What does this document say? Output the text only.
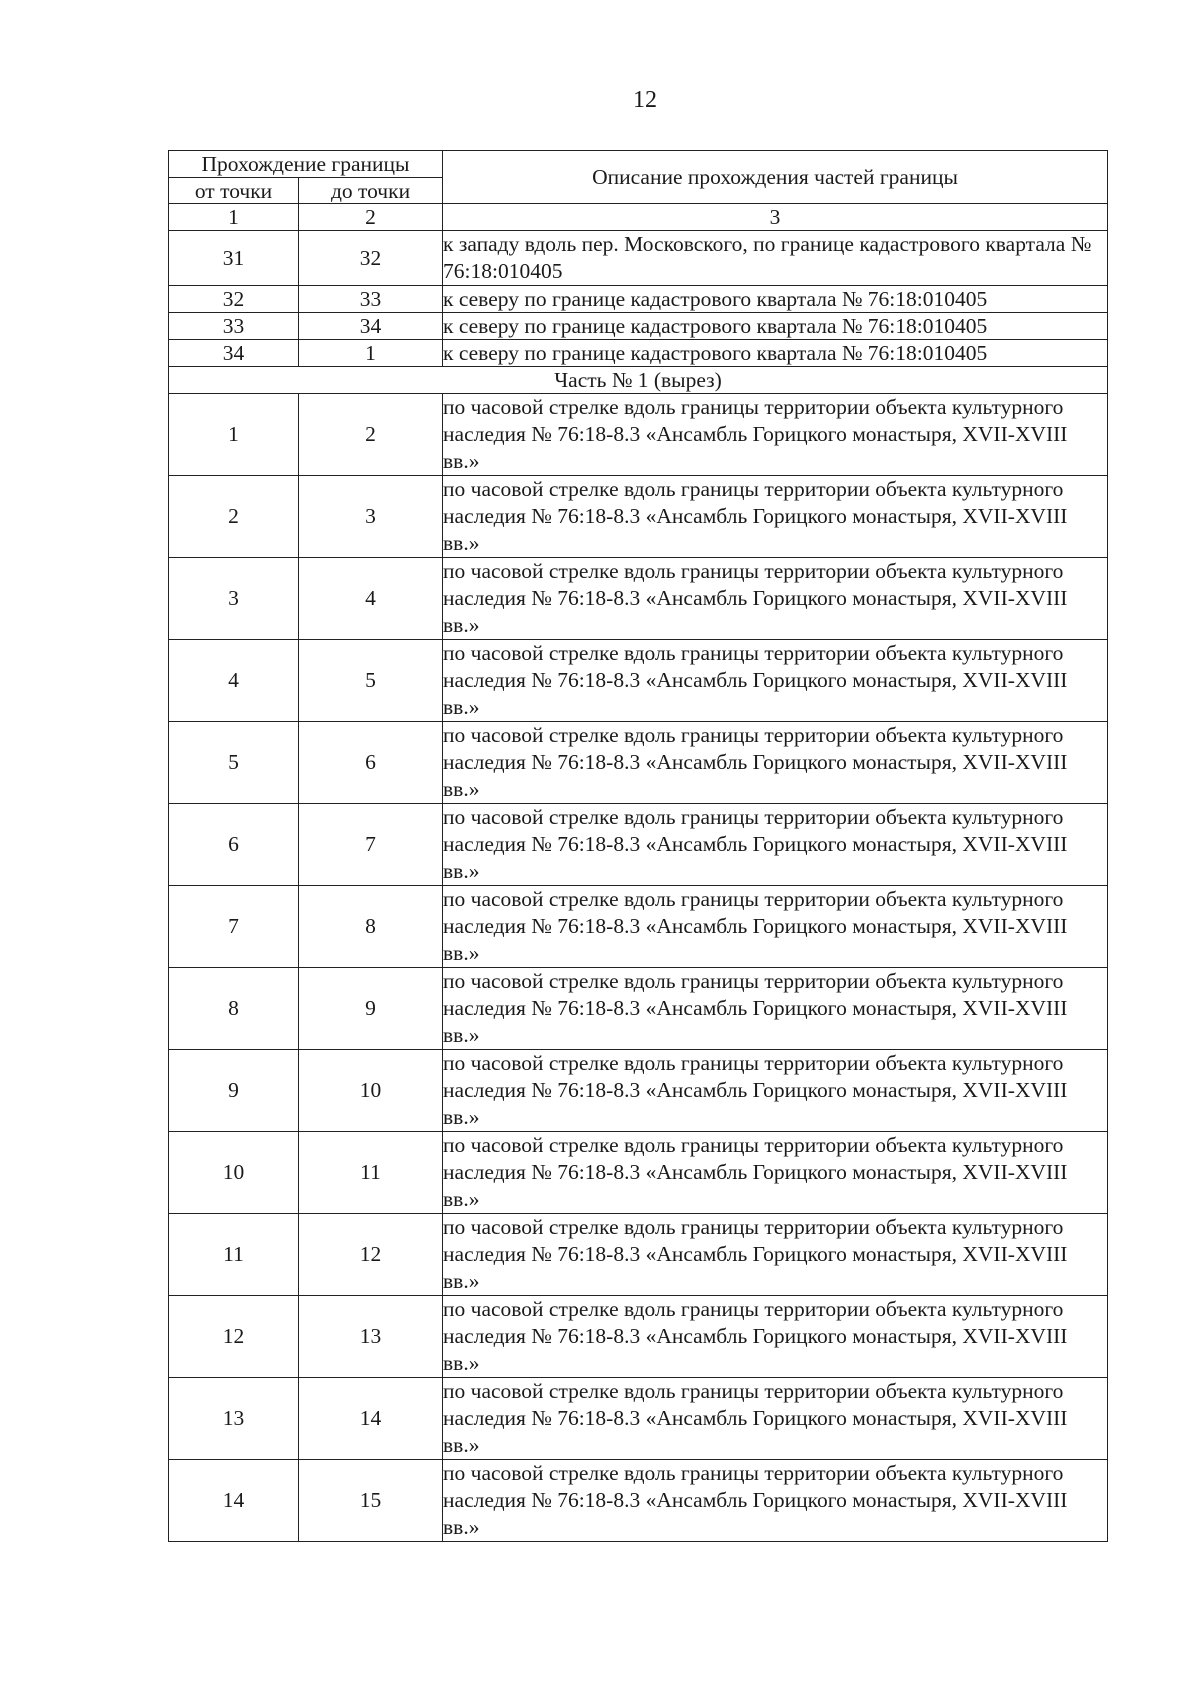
12
Прохождение границы		Описание прохождения частей границы
от точки	до точки	
1	2	3
31	32	к западу вдоль пер. Московского, по границе кадастрового квартала № 76:18:010405
32	33	к северу по границе кадастрового квартала № 76:18:010405
33	34	к северу по границе кадастрового квартала № 76:18:010405
34	1	к северу по границе кадастрового квартала № 76:18:010405
Часть № 1 (вырез)		
1	2	по часовой стрелке вдоль границы территории объекта культурного наследия № 76:18-8.3 «Ансамбль Горицкого монастыря, XVII-XVIII вв.»
2	3	по часовой стрелке вдоль границы территории объекта культурного наследия № 76:18-8.3 «Ансамбль Горицкого монастыря, XVII-XVIII вв.»
3	4	по часовой стрелке вдоль границы территории объекта культурного наследия № 76:18-8.3 «Ансамбль Горицкого монастыря, XVII-XVIII вв.»
4	5	по часовой стрелке вдоль границы территории объекта культурного наследия № 76:18-8.3 «Ансамбль Горицкого монастыря, XVII-XVIII вв.»
5	6	по часовой стрелке вдоль границы территории объекта культурного наследия № 76:18-8.3 «Ансамбль Горицкого монастыря, XVII-XVIII вв.»
6	7	по часовой стрелке вдоль границы территории объекта культурного наследия № 76:18-8.3 «Ансамбль Горицкого монастыря, XVII-XVIII вв.»
7	8	по часовой стрелке вдоль границы территории объекта культурного наследия № 76:18-8.3 «Ансамбль Горицкого монастыря, XVII-XVIII вв.»
8	9	по часовой стрелке вдоль границы территории объекта культурного наследия № 76:18-8.3 «Ансамбль Горицкого монастыря, XVII-XVIII вв.»
9	10	по часовой стрелке вдоль границы территории объекта культурного наследия № 76:18-8.3 «Ансамбль Горицкого монастыря, XVII-XVIII вв.»
10	11	по часовой стрелке вдоль границы территории объекта культурного наследия № 76:18-8.3 «Ансамбль Горицкого монастыря, XVII-XVIII вв.»
11	12	по часовой стрелке вдоль границы территории объекта культурного наследия № 76:18-8.3 «Ансамбль Горицкого монастыря, XVII-XVIII вв.»
12	13	по часовой стрелке вдоль границы территории объекта культурного наследия № 76:18-8.3 «Ансамбль Горицкого монастыря, XVII-XVIII вв.»
13	14	по часовой стрелке вдоль границы территории объекта культурного наследия № 76:18-8.3 «Ансамбль Горицкого монастыря, XVII-XVIII вв.»
14	15	по часовой стрелке вдоль границы территории объекта культурного наследия № 76:18-8.3 «Ансамбль Горицкого монастыря, XVII-XVIII вв.»
